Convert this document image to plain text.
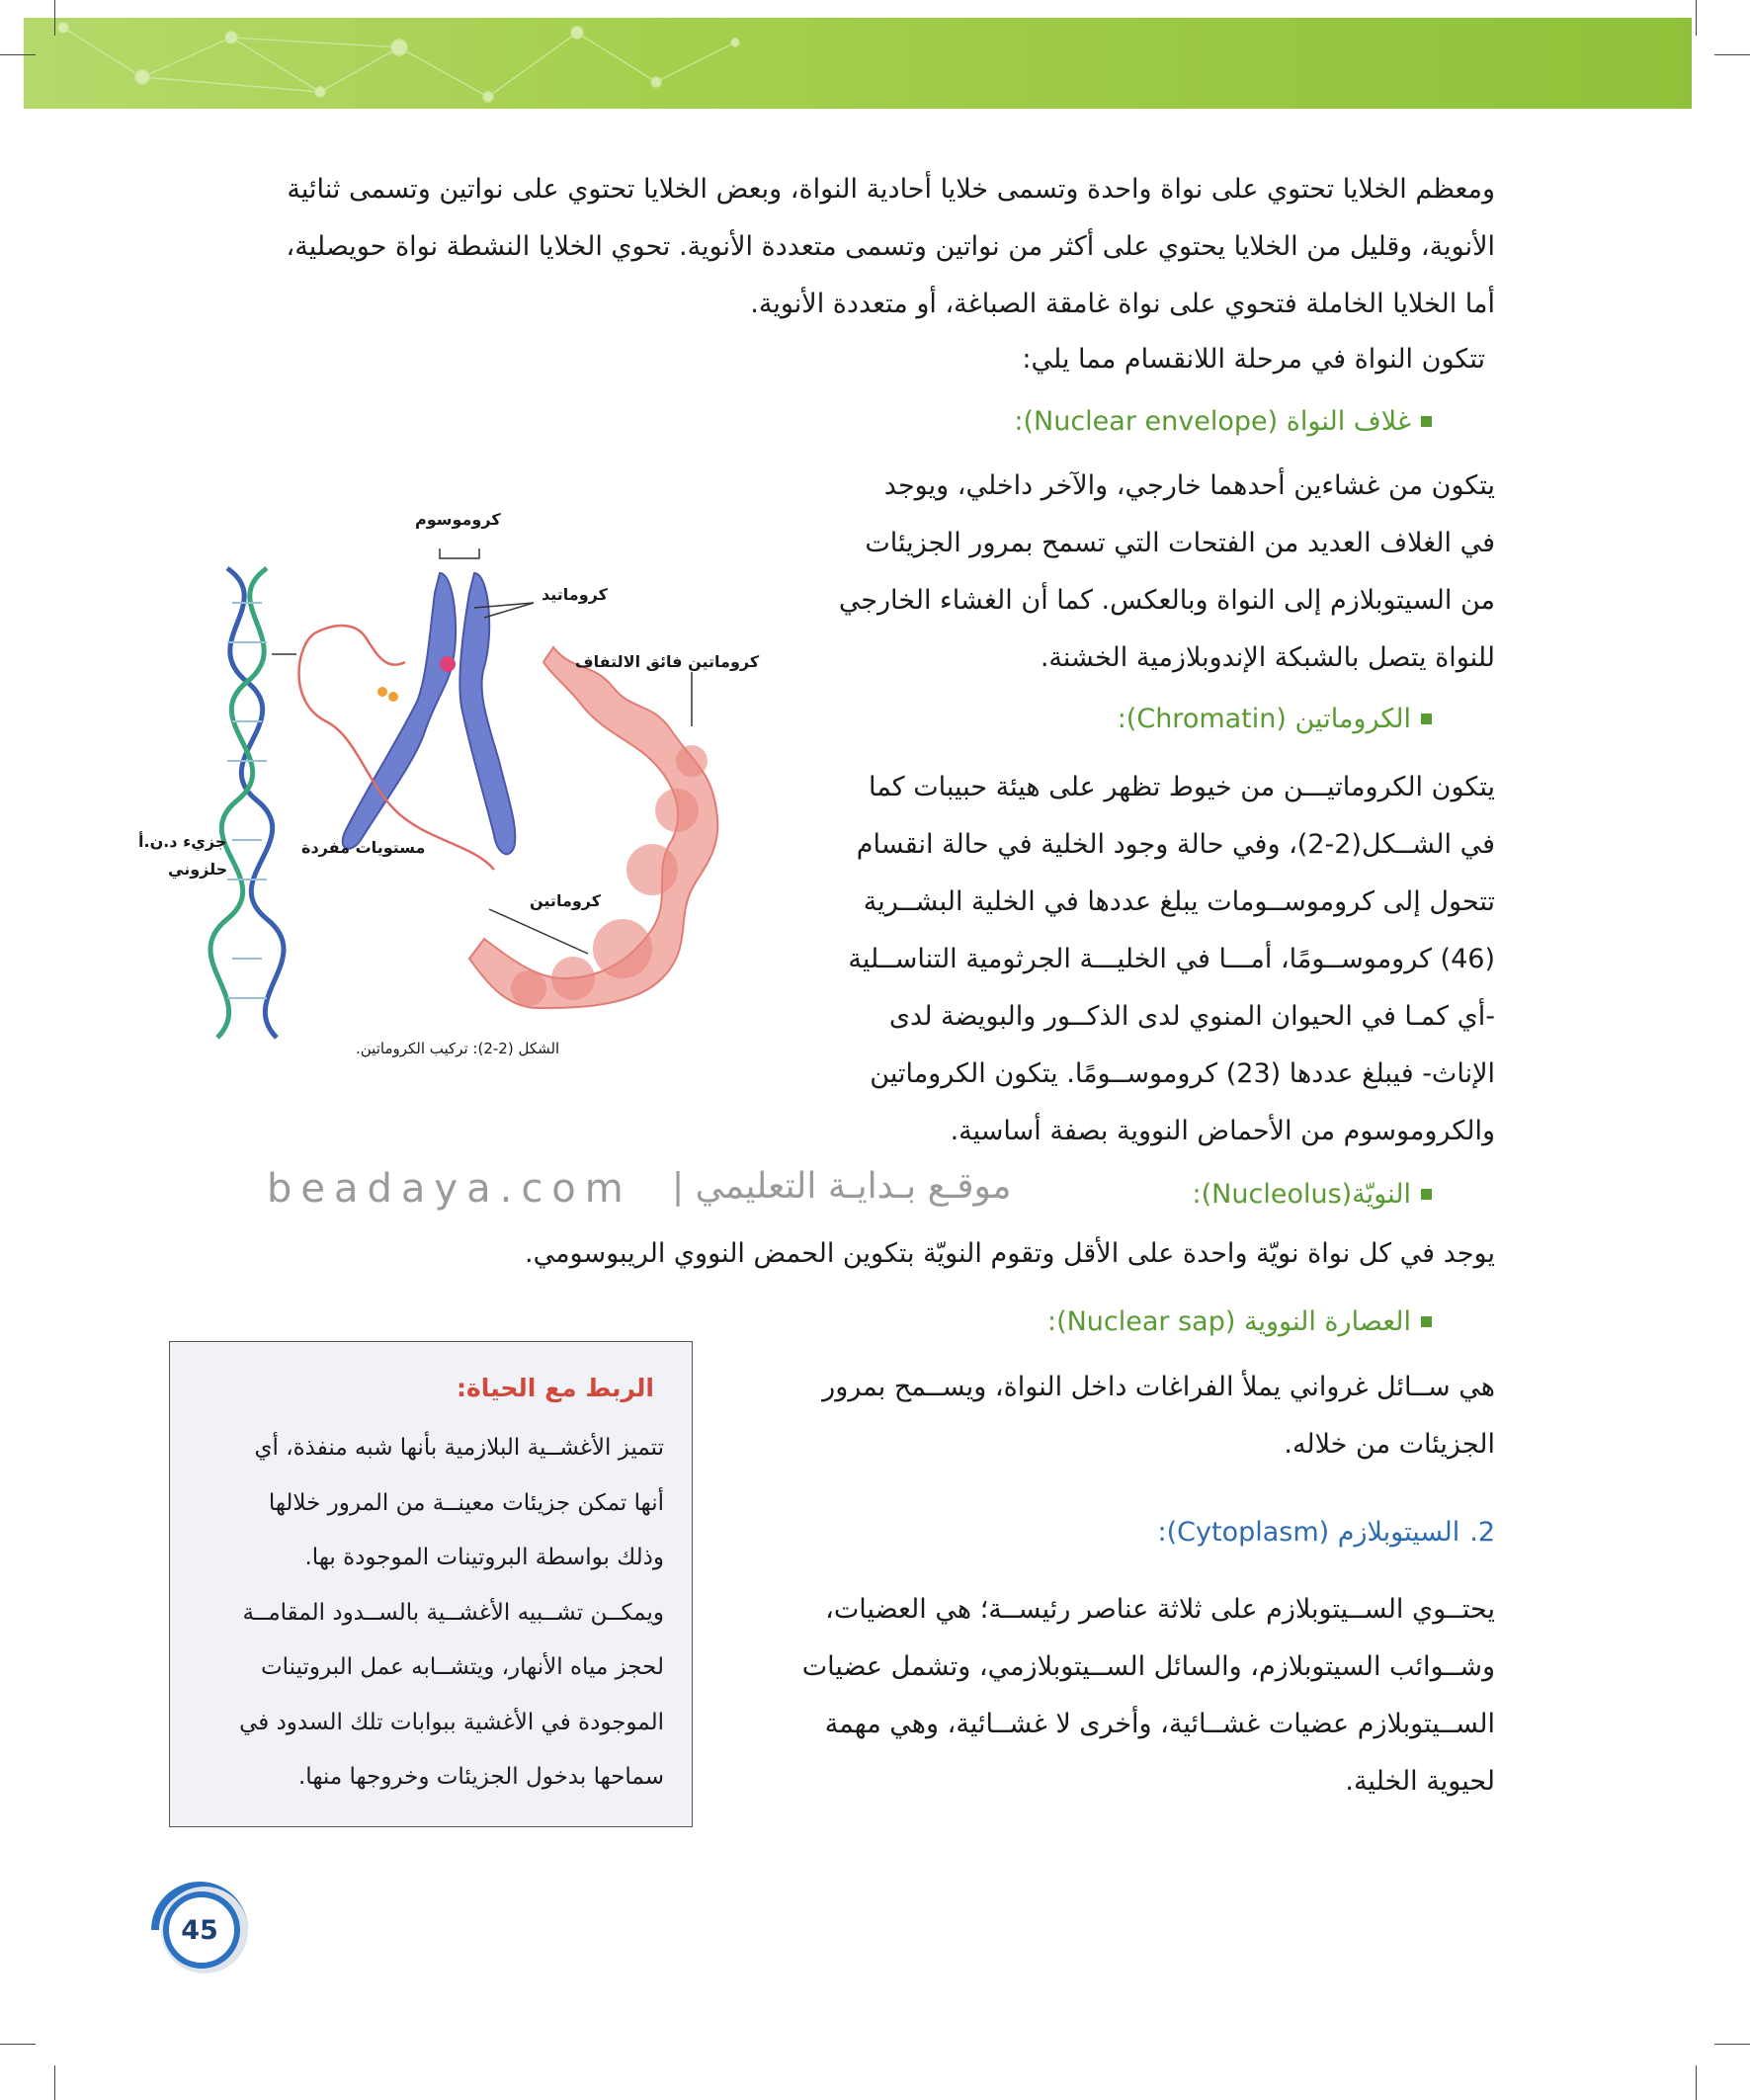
ومعظم الخلايا تحتوي على نواة واحدة وتسمى خلايا أحادية النواة، وبعض الخلايا تحتوي على نواتين وتسمى ثنائية

الأنوية، وقليل من الخلايا يحتوي على أكثر من نواتين وتسمى متعددة الأنوية. تحوي الخلايا النشطة نواة حويصلية،

أما الخلايا الخاملة فتحوي على نواة غامقة الصباغة، أو متعددة الأنوية.

تتكون النواة في مرحلة اللانقسام مما يلي:
غلاف النواة (Nuclear envelope):

يتكون من غشاءين أحدهما خارجي، والآخر داخلي، ويوجد

في الغلاف العديد من الفتحات التي تسمح بمرور الجزيئات

من السيتوبلازم إلى النواة وبالعكس. كما أن الغشاء الخارجي

للنواة يتصل بالشبكة الإندوبلازمية الخشنة.

الكروماتين (Chromatin):

يتكون الكروماتيـــن من خيوط تظهر على هيئة حبيبات كما

في الشــكل(2-2)، وفي حالة وجود الخلية في حالة انقسام

تتحول إلى كروموســومات يبلغ عددها في الخلية البشــرية

(46) كروموســومًا، أمـــا في الخليـــة الجرثومية التناســلية

-أي كمـا في الحيوان المنوي لدى الذكــور والبويضة لدى

الإناث- فيبلغ عددها (23) كروموســومًا. يتكون الكروماتين

والكروموسوم من الأحماض النووية بصفة أساسية.

كروموسوم
كروماتيد
كروماتين فائق الالتفاف
جزيء د.ن.أ
حلزوني
مستويات مفردة
كروماتين
الشكل (2-2): تركيب الكروماتين.
beadaya.com موقـع بـدايـة التعليمي |	النويّة(Nucleolus):
يوجد في كل نواة نويّة واحدة على الأقل وتقوم النويّة بتكوين الحمض النووي الريبوسومي.
العصارة النووية (Nuclear sap):

هي ســائل غرواني يملأ الفراغات داخل النواة، ويســمح بمرور

الجزيئات من خلاله.

2.
السيتوبلازم (Cytoplasm):

يحتــوي الســيتوبلازم على ثلاثة عناصر رئيســة؛ هي العضيات،

وشــوائب السيتوبلازم، والسائل الســيتوبلازمي، وتشمل عضيات

الســيتوبلازم عضيات غشــائية، وأخرى لا غشــائية، وهي مهمة

لحيوية الخلية.

الربط مع الحياة:

تتميز الأغشــية البلازمية بأنها شبه منفذة، أي

أنها تمكن جزيئات معينــة من المرور خلالها

وذلك بواسطة البروتينات الموجودة بها.

ويمكــن تشــبيه الأغشــية بالســدود المقامــة

لحجز مياه الأنهار، ويتشــابه عمل البروتينات

الموجودة في الأغشية ببوابات تلك السدود في

سماحها بدخول الجزيئات وخروجها منها.

45
